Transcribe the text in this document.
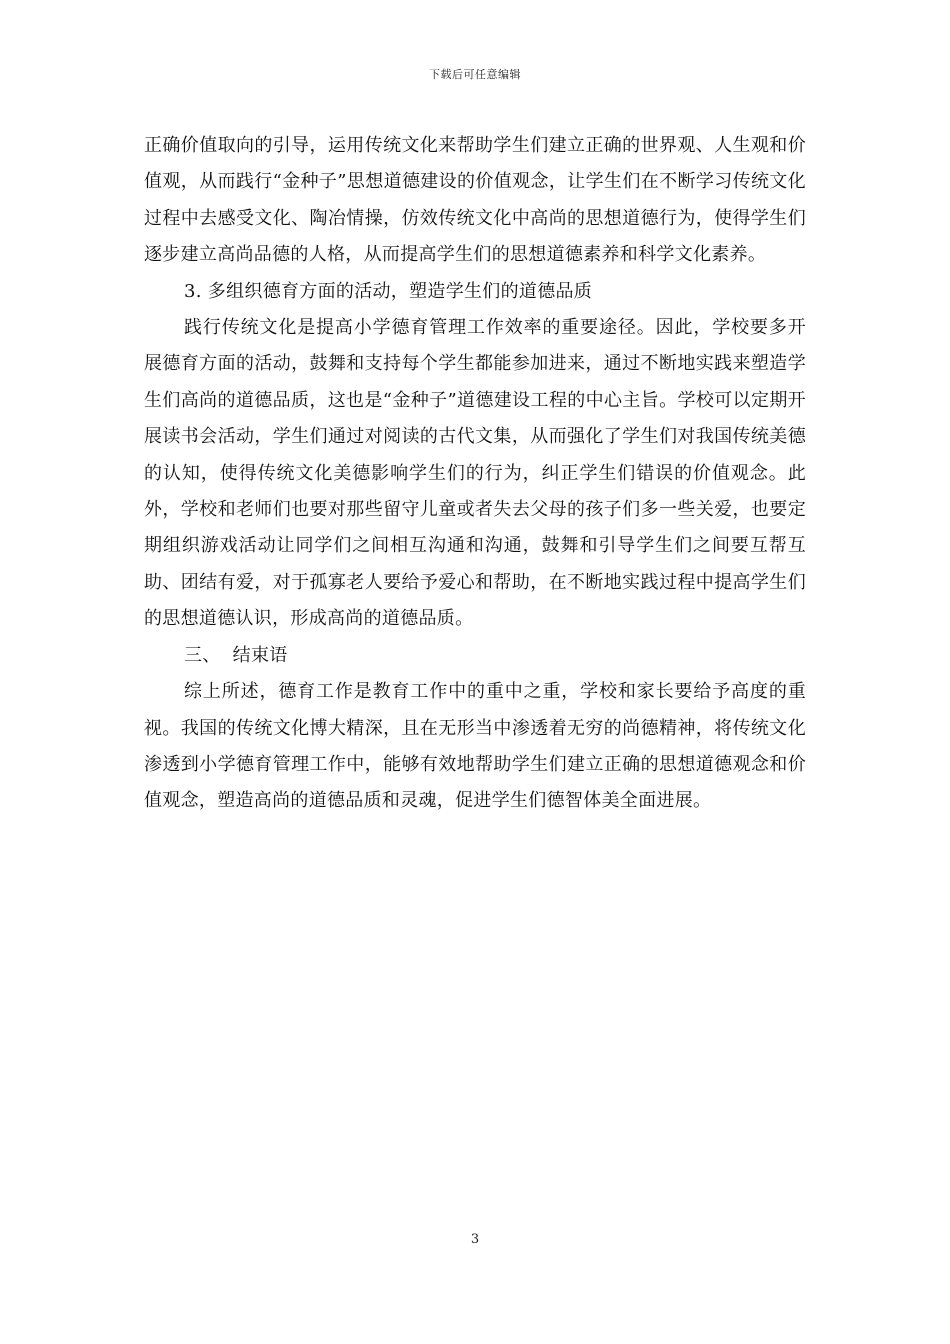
下载后可任意编辑

正确价值取向的引导，运用传统文化来帮助学生们建立正确的世界观、人生观和价值观，从而践行“金种子”思想道德建设的价值观念，让学生们在不断学习传统文化过程中去感受文化、陶冶情操，仿效传统文化中高尚的思想道德行为，使得学生们逐步建立高尚品德的人格，从而提高学生们的思想道德素养和科学文化素养。

3. 多组织德育方面的活动，塑造学生们的道德品质

践行传统文化是提高小学德育管理工作效率的重要途径。因此，学校要多开展德育方面的活动，鼓舞和支持每个学生都能参加进来，通过不断地实践来塑造学生们高尚的道德品质，这也是“金种子”道德建设工程的中心主旨。学校可以定期开展读书会活动，学生们通过对阅读的古代文集，从而强化了学生们对我国传统美德的认知，使得传统文化美德影响学生们的行为，纠正学生们错误的价值观念。此外，学校和老师们也要对那些留守儿童或者失去父母的孩子们多一些关爱，也要定期组织游戏活动让同学们之间相互沟通和沟通，鼓舞和引导学生们之间要互帮互助、团结有爱，对于孤寡老人要给予爱心和帮助，在不断地实践过程中提高学生们的思想道德认识，形成高尚的道德品质。

三、  结束语

综上所述，德育工作是教育工作中的重中之重，学校和家长要给予高度的重视。我国的传统文化博大精深，且在无形当中渗透着无穷的尚德精神，将传统文化渗透到小学德育管理工作中，能够有效地帮助学生们建立正确的思想道德观念和价值观念，塑造高尚的道德品质和灵魂，促进学生们德智体美全面进展。

3
